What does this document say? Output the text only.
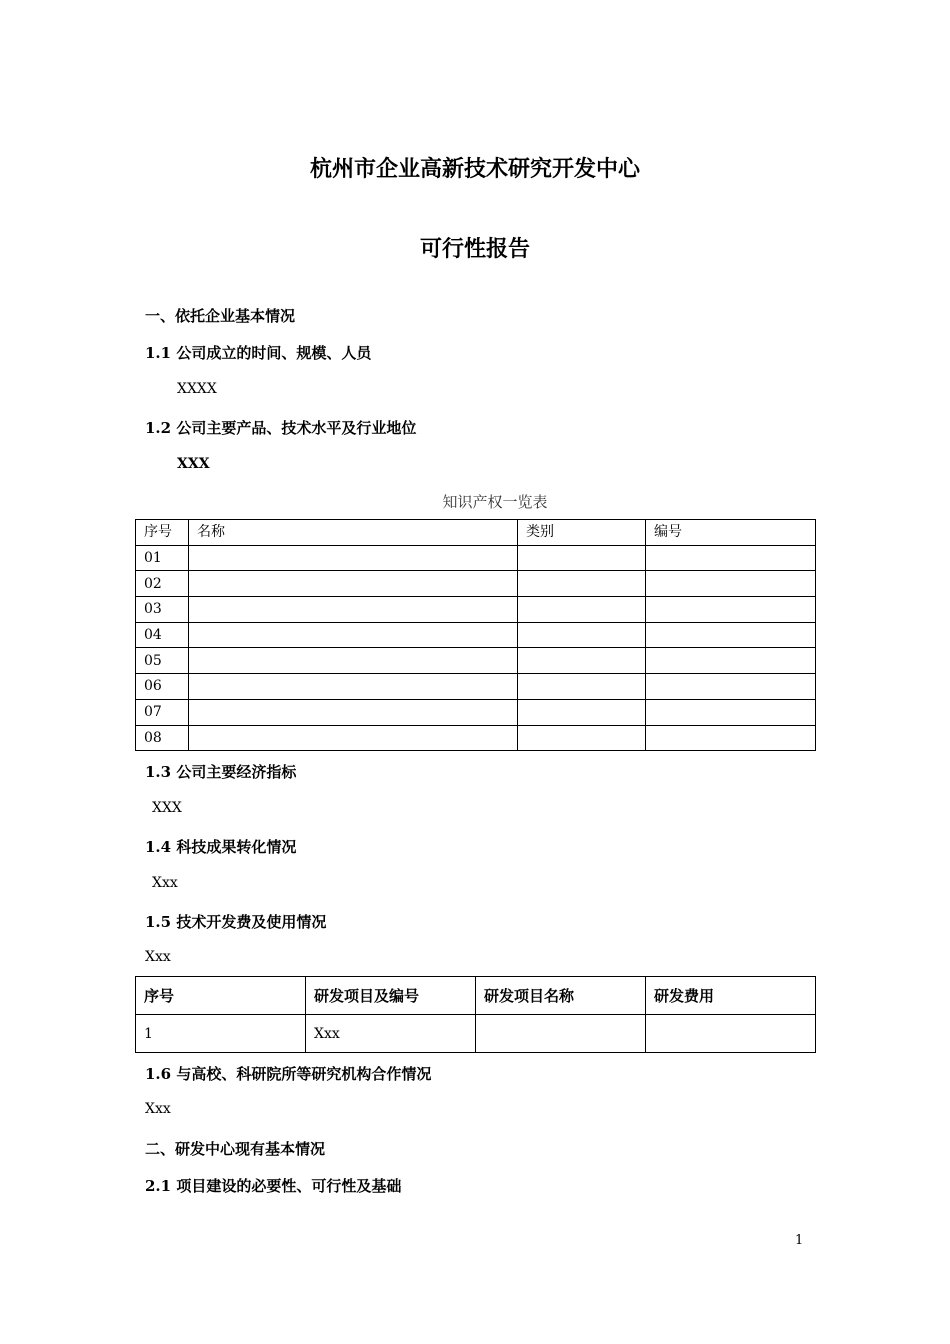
杭州市企业高新技术研究开发中心
可行性报告
一、依托企业基本情况
1.1 公司成立的时间、规模、人员
XXXX
1.2 公司主要产品、技术水平及行业地位
XXX
知识产权一览表
序号	名称	类别	编号
01			
02			
03			
04			
05			
06			
07			
08			
1.3 公司主要经济指标
XXX
1.4 科技成果转化情况
Xxx
1.5 技术开发费及使用情况
Xxx
序号	研发项目及编号	研发项目名称	研发费用
1	Xxx		
1.6 与高校、科研院所等研究机构合作情况
Xxx
二、研发中心现有基本情况
2.1 项目建设的必要性、可行性及基础
1
